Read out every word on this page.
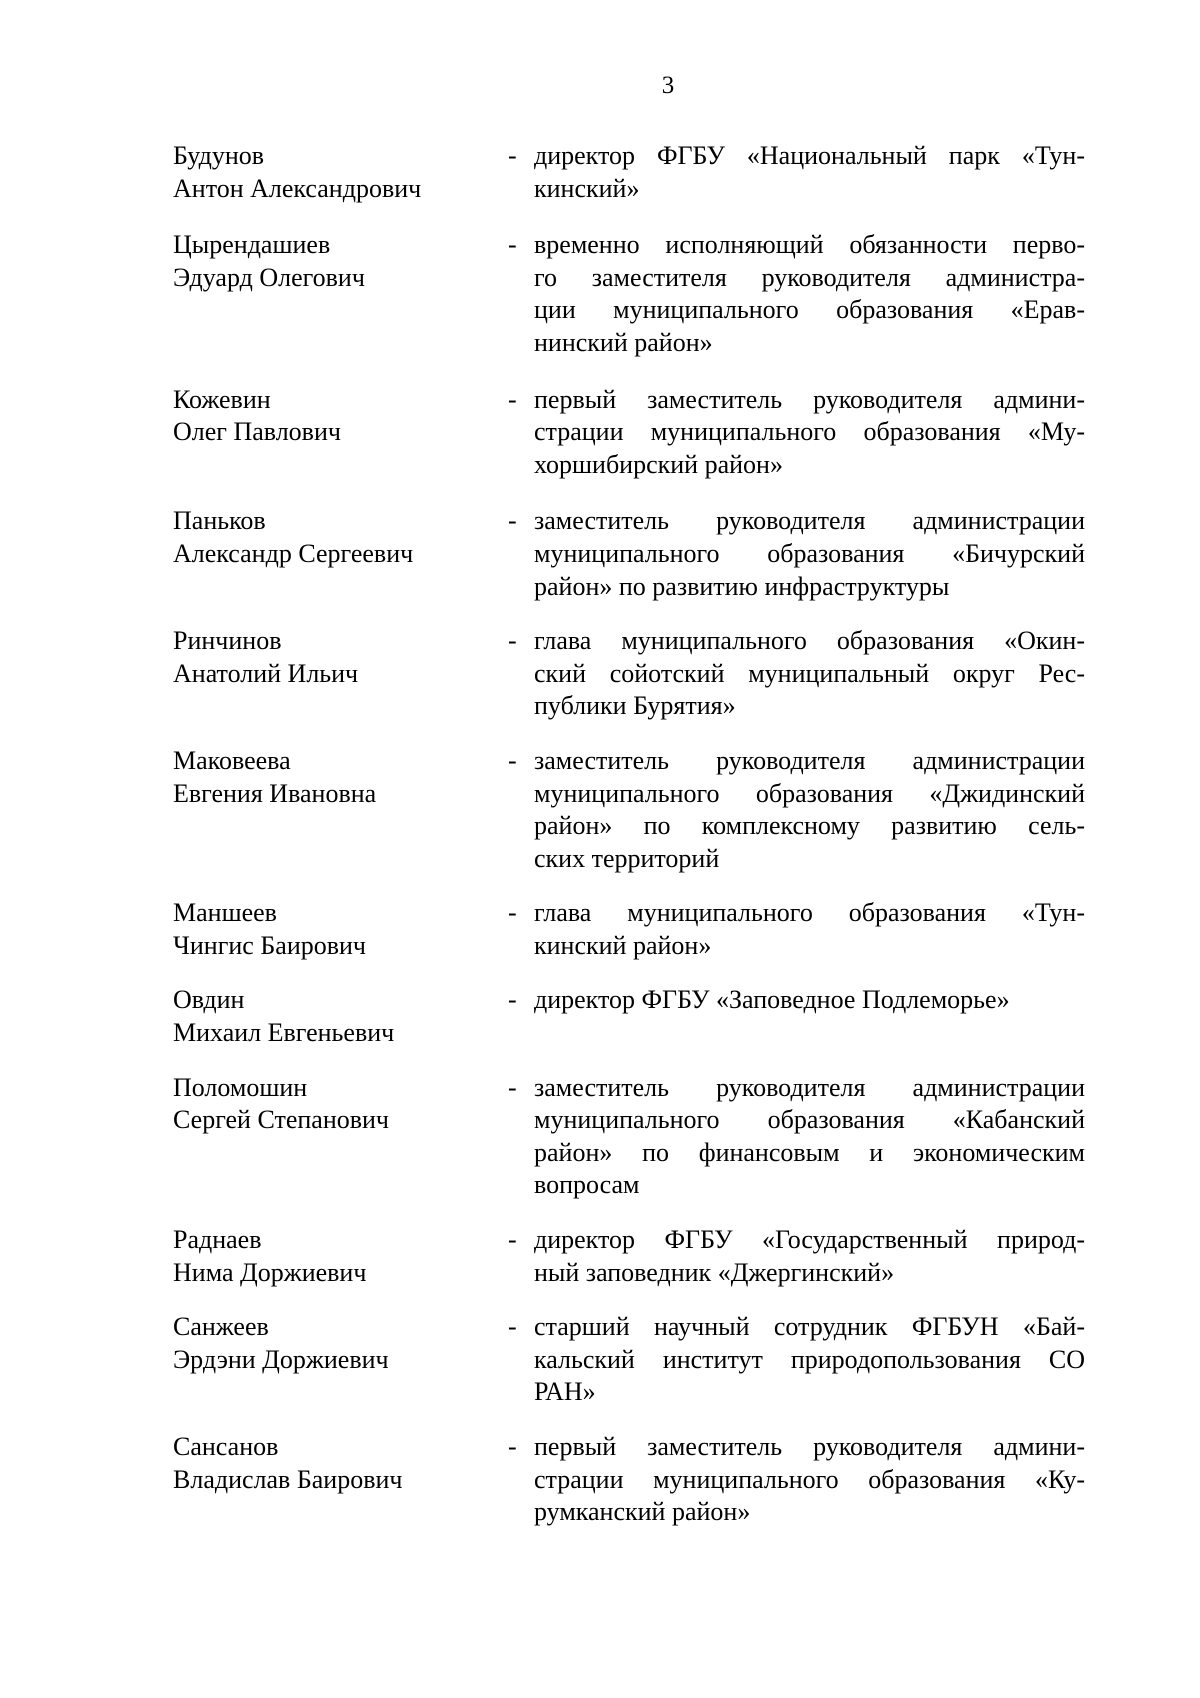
3
Будунов
Антон Александрович
- директор ФГБУ «Национальный парк «Тун-
кинский»
Цырендашиев
Эдуард Олегович
- временно исполняющий обязанности перво-
го заместителя руководителя администра-
ции муниципального образования «Ерав-
нинский район»
Кожевин
Олег Павлович
- первый заместитель руководителя админи-
страции муниципального образования «Му-
хоршибирский район»
Паньков
Александр Сергеевич
- заместитель руководителя администрации
муниципального образования «Бичурский
район» по развитию инфраструктуры
Ринчинов
Анатолий Ильич
- глава муниципального образования «Окин-
ский сойотский муниципальный округ Рес-
публики Бурятия»
Маковеева
Евгения Ивановна
- заместитель руководителя администрации
муниципального образования «Джидинский
район» по комплексному развитию сель-
ских территорий
Маншеев
Чингис Баирович
- глава муниципального образования «Тун-
кинский район»
Овдин
Михаил Евгеньевич
- директор ФГБУ «Заповедное Подлеморье»
Поломошин
Сергей Степанович
- заместитель руководителя администрации
муниципального образования «Кабанский
район» по финансовым и экономическим
вопросам
Раднаев
Нима Доржиевич
- директор ФГБУ «Государственный природ-
ный заповедник «Джергинский»
Санжеев
Эрдэни Доржиевич
- старший научный сотрудник ФГБУН «Бай-
кальский институт природопользования СО
РАН»
Сансанов
Владислав Баирович
- первый заместитель руководителя админи-
страции муниципального образования «Ку-
румканский район»
